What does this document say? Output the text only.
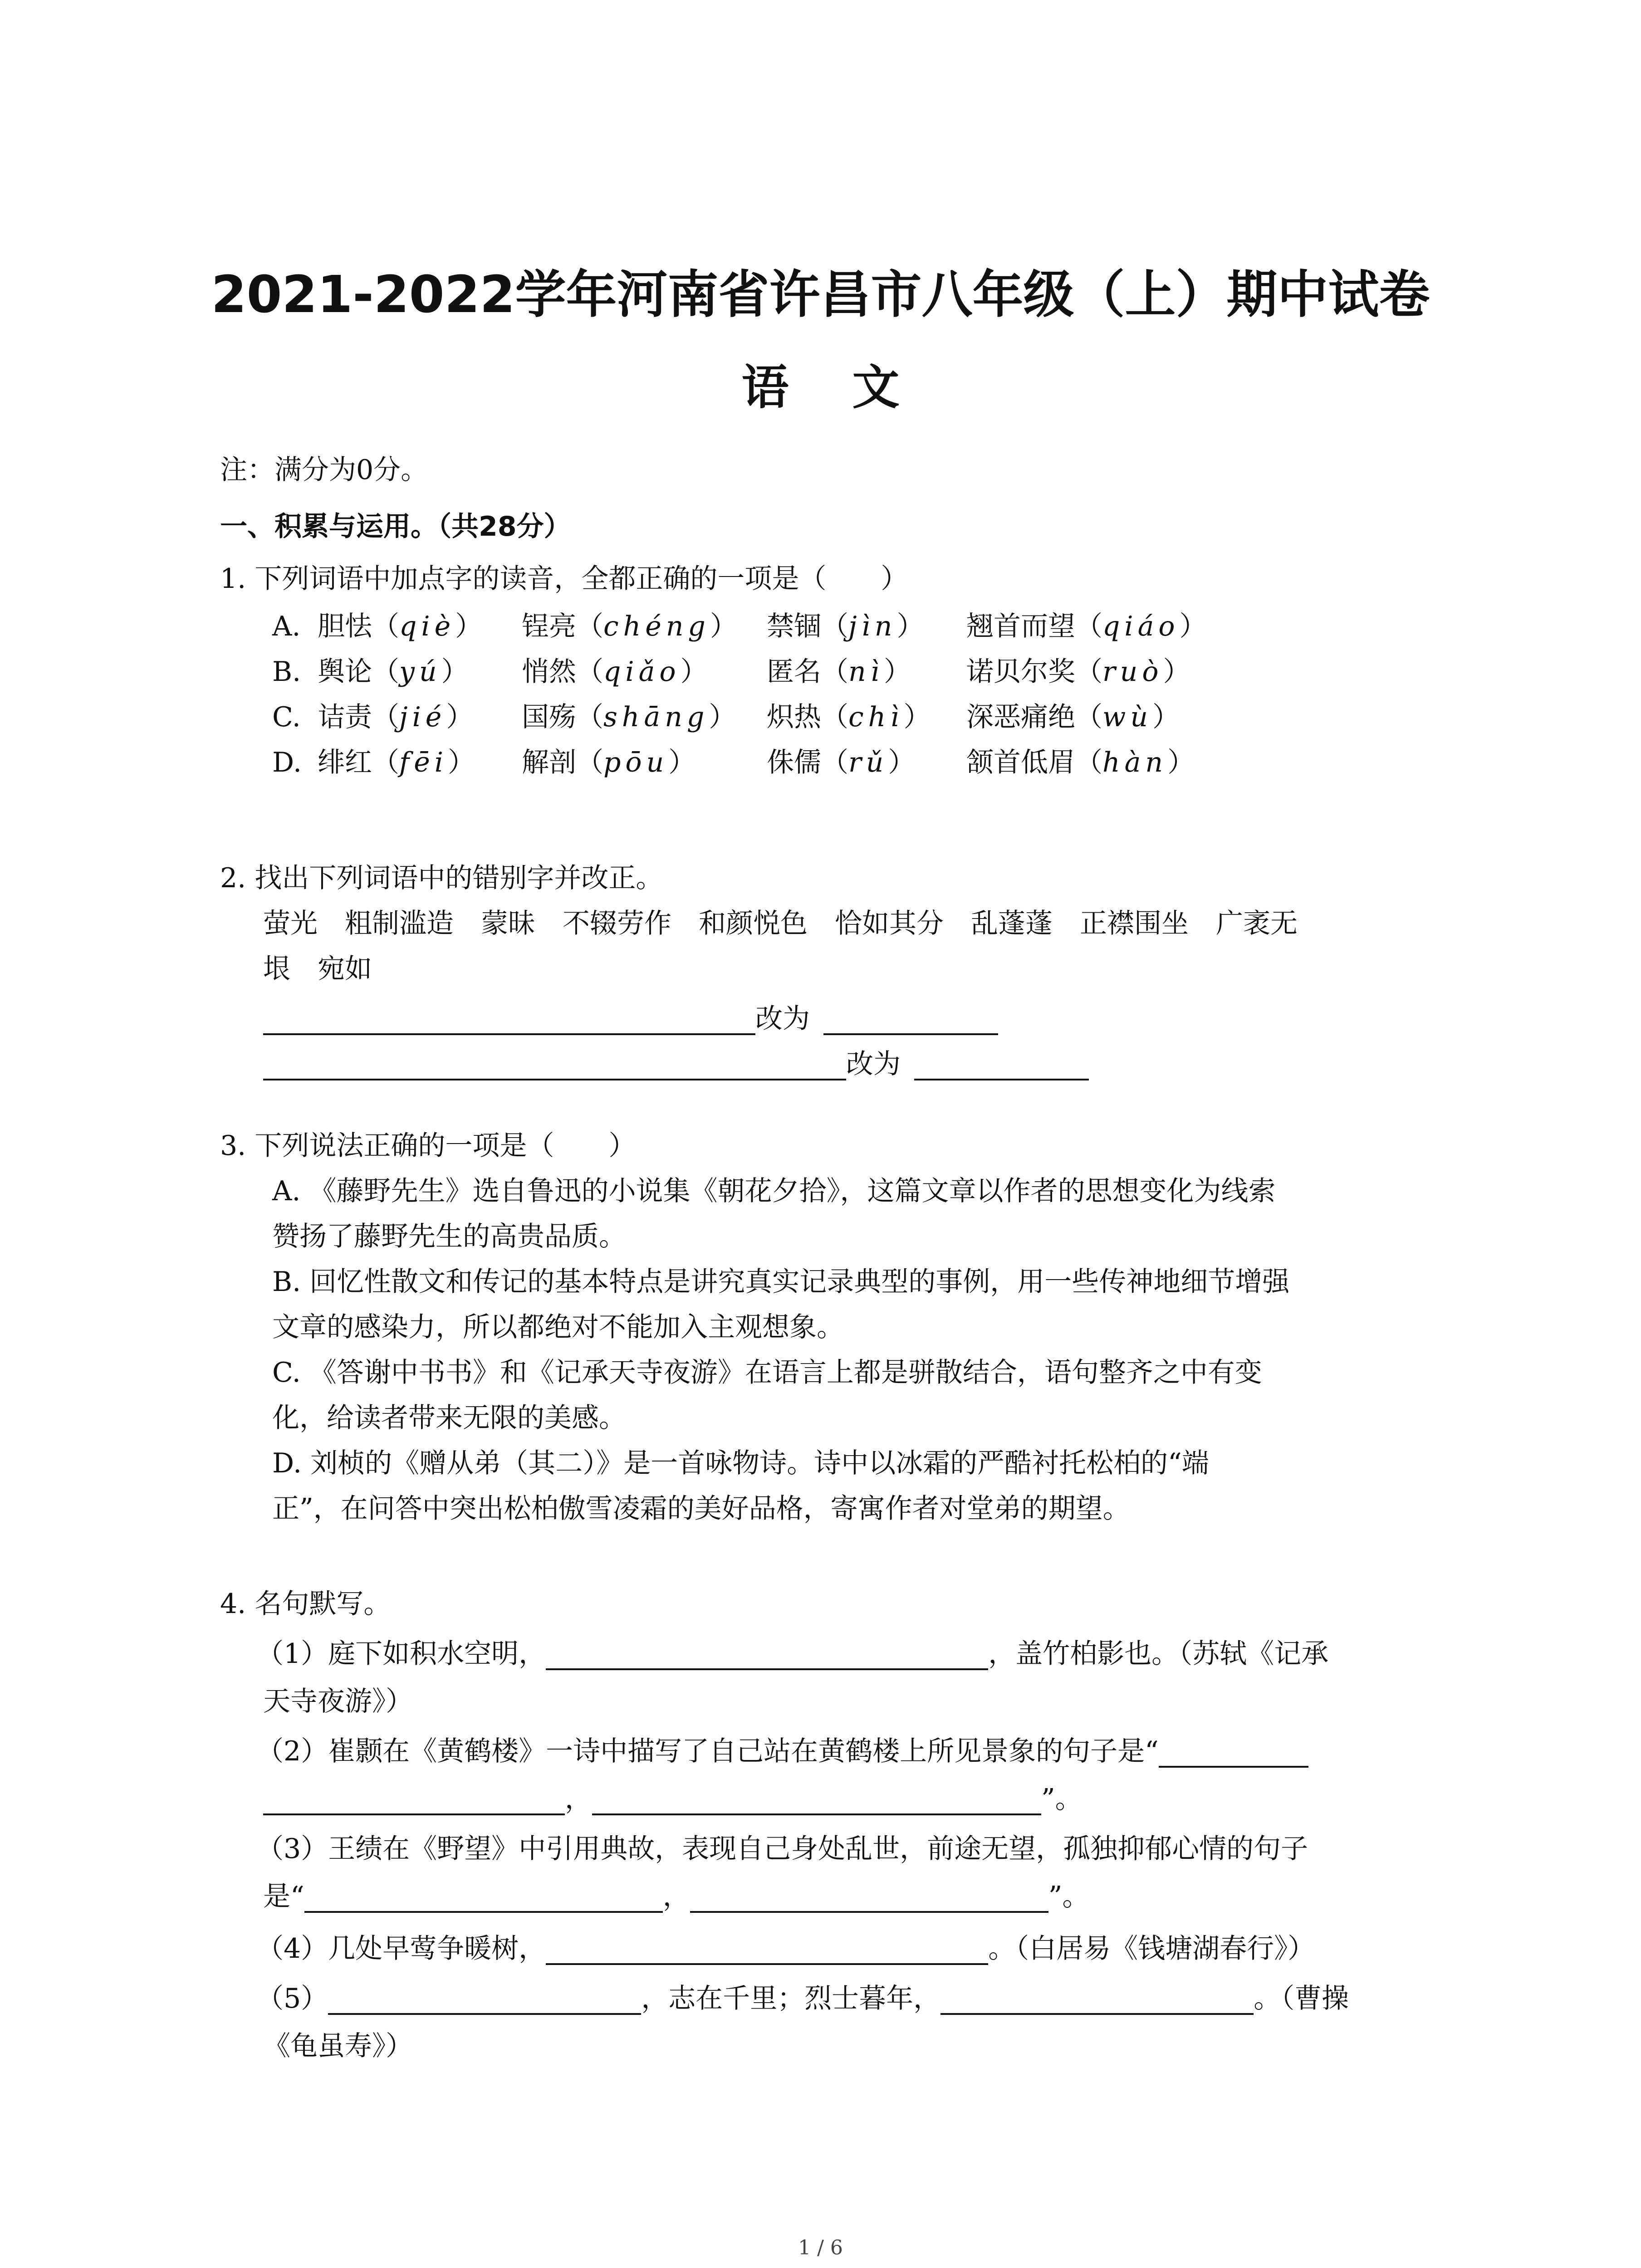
2021-2022学年河南省许昌市八年级（上）期中试卷
语文
注：满分为0分。
一、积累与运用。（共28分）
1. 下列词语中加点字的读音，全都正确的一项是（　　）
A. 胆怯（qiè） 锃亮（chéng） 禁锢（jìn） 翘首而望（qiáo）
B. 舆论（yú） 悄然（qiǎo） 匿名（nì） 诺贝尔奖（ruò）
C. 诘责（jié） 国殇（shāng） 炽热（chì） 深恶痛绝（wù）
D. 绯红（fēi） 解剖（pōu）	侏儒（rǔ） 颔首低眉（hàn）
2. 找出下列词语中的错别字并改正。
萤光　粗制滥造　蒙昧　不辍劳作　和颜悦色　恰如其分　乱蓬蓬　正襟围坐　广袤无
垠　宛如
改为
改为
3. 下列说法正确的一项是（　　）
A. 《藤野先生》选自鲁迅的小说集《朝花夕拾》，这篇文章以作者的思想变化为线索
赞扬了藤野先生的高贵品质。
B. 回忆性散文和传记的基本特点是讲究真实记录典型的事例，用一些传神地细节增强
文章的感染力，所以都绝对不能加入主观想象。
C. 《答谢中书书》和《记承天寺夜游》在语言上都是骈散结合，语句整齐之中有变
化，给读者带来无限的美感。
D. 刘桢的《赠从弟（其二）》是一首咏物诗。诗中以冰霜的严酷衬托松柏的“端
正”，在问答中突出松柏傲雪凌霜的美好品格，寄寓作者对堂弟的期望。
4. 名句默写。
（1）庭下如积水空明，	，盖竹柏影也。（苏轼《记承
天寺夜游》）
（2）崔颢在《黄鹤楼》一诗中描写了自己站在黄鹤楼上所见景象的句子是“
，	”。
（3）王绩在《野望》中引用典故，表现自己身处乱世，前途无望，孤独抑郁心情的句子
是“	，	”。
（4）几处早莺争暖树，	。（白居易《钱塘湖春行》）
（5）	，志在千里；烈士暮年，	。（曹操
《龟虽寿》）
1 / 6
